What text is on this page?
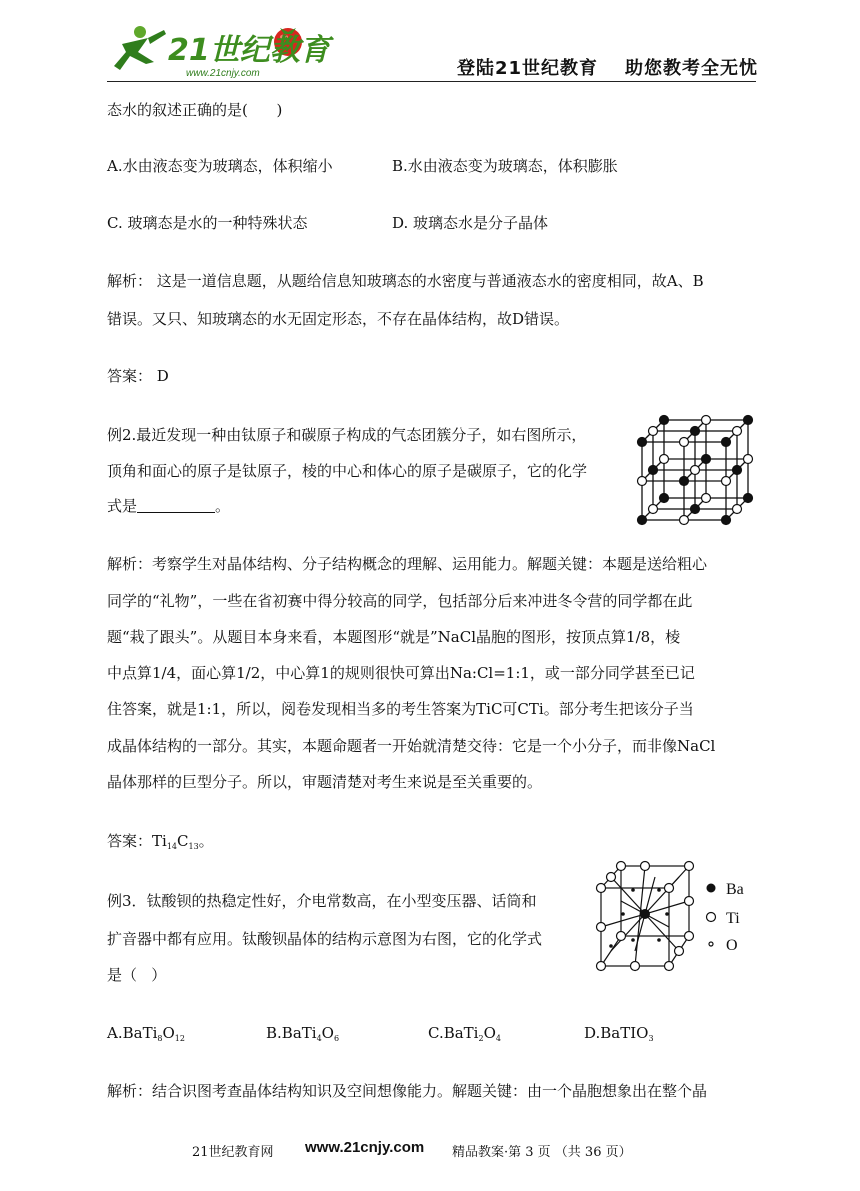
21世纪教育
www.21cnjy.com	登陆21世纪教育 助您教考全无忧
态水的叙述正确的是(      )
A.水由液态变为玻璃态，体积缩小	B.水由液态变为玻璃态，体积膨胀
C. 玻璃态是水的一种特殊状态	D. 玻璃态水是分子晶体
解析： 这是一道信息题，从题给信息知玻璃态的水密度与普通液态水的密度相同，故A、B
错误。又只、知玻璃态的水无固定形态，不存在晶体结构，故D错误。
答案： D
例2.最近发现一种由钛原子和碳原子构成的气态团簇分子，如右图所示，
顶角和面心的原子是钛原子，棱的中心和体心的原子是碳原子，它的化学
式是	。
解析：考察学生对晶体结构、分子结构概念的理解、运用能力。解题关键：本题是送给粗心
同学的“礼物”，一些在省初赛中得分较高的同学，包括部分后来冲进冬令营的同学都在此
题“栽了跟头”。从题目本身来看，本题图形“就是”NaCl晶胞的图形，按顶点算1/8，棱
中点算1/4，面心算1/2，中心算1的规则很快可算出Na:Cl=1:1，或一部分同学甚至已记
住答案，就是1:1，所以，阅卷发现相当多的考生答案为TiC可CTi。部分考生把该分子当
成晶体结构的一部分。其实，本题命题者一开始就清楚交待：它是一个小分子，而非像NaCl
晶体那样的巨型分子。所以，审题清楚对考生来说是至关重要的。
答案：$Ti_{14}C_{13}$。
例3．钛酸钡的热稳定性好，介电常数高，在小型变压器、话筒和
扩音器中都有应用。钛酸钡晶体的结构示意图为右图，它的化学式
是（   ）
Ba
Ti
O
$A.BaTi_8O_{12}$	$B.BaTi_4O_6$	$C.BaTi_2O_4$	D.BaTIO$_3$
解析：结合识图考查晶体结构知识及空间想像能力。解题关键：由一个晶胞想象出在整个晶
21世纪教育网 www.21cnjy.com 精品教案·第 3 页 （共 36 页）
